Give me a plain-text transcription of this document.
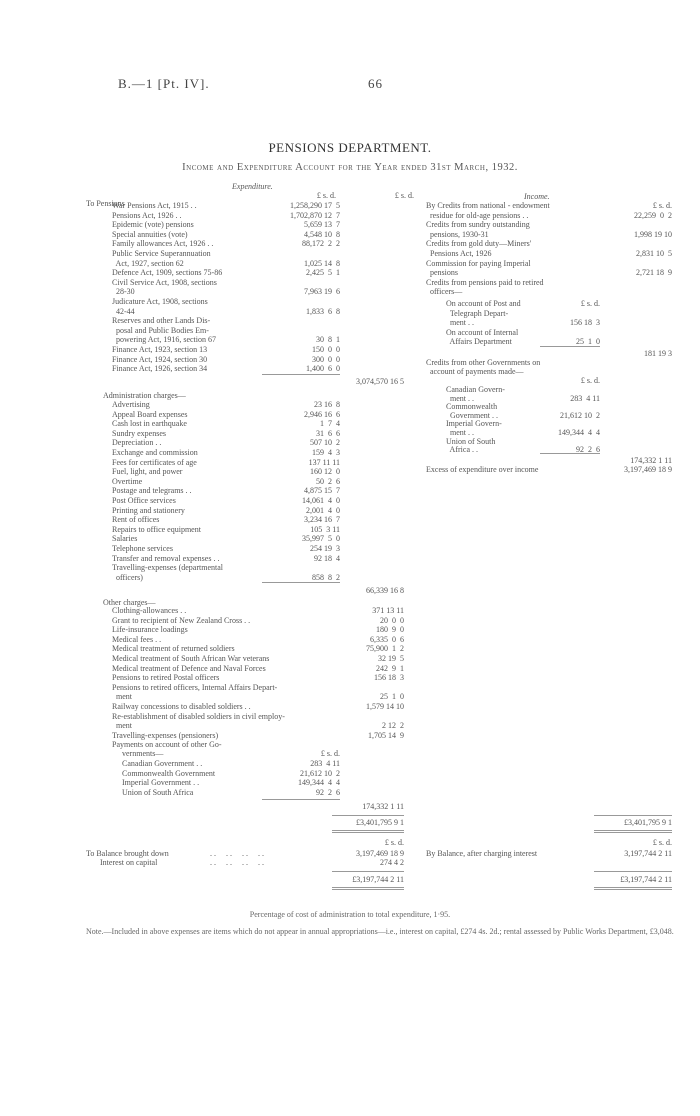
B.—1 [Pt. IV].	66
PENSIONS DEPARTMENT.
Income and Expenditure Account for the Year ended 31st March, 1932.
Expenditure.
£ s. d.	£ s. d.
To Pensions
War Pensions Act, 1915 . .	1,258,290 17  5
Pensions Act, 1926 . .	1,702,870 12  7
Epidemic (vote) pensions	5,659 13  7
Special annuities (vote)	4,548 10  8
Family allowances Act, 1926 . .	88,172  2  2
Public Service Superannuation
Act, 1927, section 62	1,025 14  8
Defence Act, 1909, sections 75-86	2,425  5  1
Civil Service Act, 1908, sections
28-30	7,963 19  6
Judicature Act, 1908, sections
42-44	1,833  6  8
Reserves and other Lands Dis-
posal and Public Bodies Em-
powering Act, 1916, section 67	30  8  1
Finance Act, 1923, section 13	150  0  0
Finance Act, 1924, section 30	300  0  0
Finance Act, 1926, section 34	1,400  6  0
3,074,570 16 5
Administration charges—
Advertising	23 16  8
Appeal Board expenses	2,946 16  6
Cash lost in earthquake	1  7  4
Sundry expenses	31  6  6
Depreciation . .	507 10  2
Exchange and commission	159  4  3
Fees for certificates of age	137 11 11
Fuel, light, and power	160 12  0
Overtime	50  2  6
Postage and telegrams . .	4,875 15  7
Post Office services	14,061  4  0
Printing and stationery	2,001  4  0
Rent of offices	3,234 16  7
Repairs to office equipment	105  3 11
Salaries	35,997  5  0
Telephone services	254 19  3
Transfer and removal expenses . .	92 18  4
Travelling-expenses (departmental
officers)	858  8  2
66,339 16 8
Other charges—
Clothing-allowances . .	371 13 11
Grant to recipient of New Zealand Cross . .	20  0  0
Life-insurance loadings	180  9  0
Medical fees . .	6,335  0  6
Medical treatment of returned soldiers	75,900  1  2
Medical treatment of South African War veterans	32 19  5
Medical treatment of Defence and Naval Forces	242  9  1
Pensions to retired Postal officers	156 18  3
Pensions to retired officers, Internal Affairs Depart-
ment	25  1  0
Railway concessions to disabled soldiers . .	1,579 14 10
Re-establishment of disabled soldiers in civil employ-
ment	2 12  2
Travelling-expenses (pensioners)	1,705 14  9
Payments on account of other Go-
vernments—	£ s. d.
Canadian Government . .	283  4 11
Commonwealth Government	21,612 10  2
Imperial Government . .	149,344  4  4
Union of South Africa	92  2  6
174,332 1 11
£3,401,795 9 1
£ s. d.
To Balance brought down	. .     . .     . .     . .	3,197,469 18 9
Interest on capital	. .     . .     . .     . .	274 4 2
£3,197,744 2 11
Income.
£ s. d.
By Credits from national - endowment
residue for old-age pensions . .	22,259  0  2
Credits from sundry outstanding
pensions, 1930-31	1,998 19 10
Credits from gold duty—Miners'
Pensions Act, 1926	2,831 10  5
Commission for paying Imperial
pensions	2,721 18  9
Credits from pensions paid to retired
officers—
£ s. d.
On account of Post and
Telegraph Depart-
ment . .	156 18  3
On account of Internal
Affairs Department	25  1  0
181 19 3
Credits from other Governments on
account of payments made—
£ s. d.
Canadian Govern-
ment . .	283  4 11
Commonwealth
Government . .	21,612 10  2
Imperial Govern-
ment . .	149,344  4  4
Union of South
Africa . .	92  2  6
174,332 1 11
Excess of expenditure over income	3,197,469 18 9
£3,401,795 9 1
£ s. d.
By Balance, after charging interest	3,197,744 2 11
£3,197,744 2 11
Percentage of cost of administration to total expenditure, 1·95.
Note.—Included in above expenses are items which do not appear in annual appropriations—i.e., interest on capital, £274 4s. 2d.; rental assessed by Public Works Department, £3,048.
